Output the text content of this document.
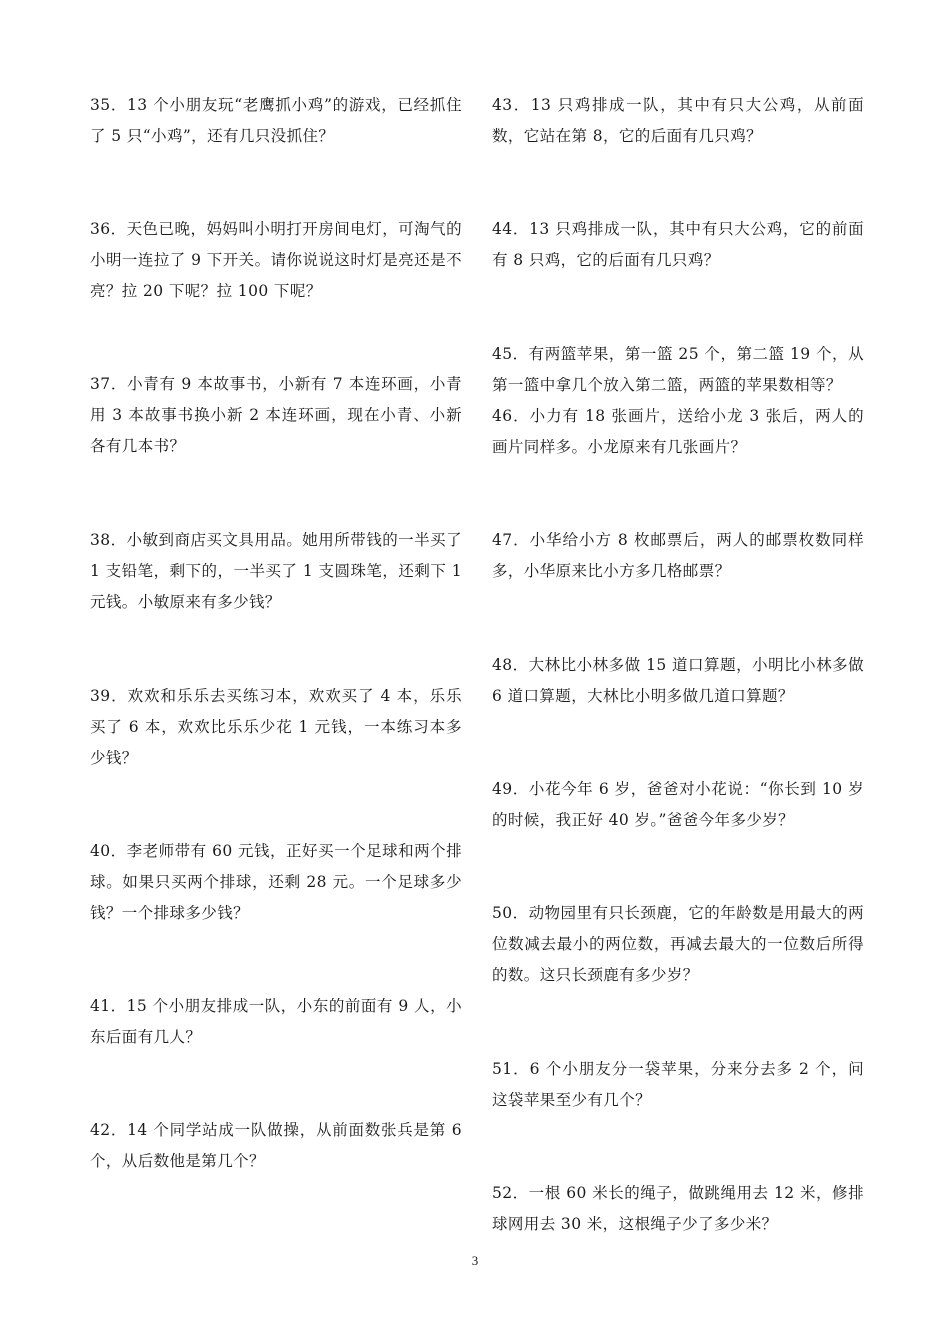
35．13 个小朋友玩“老鹰抓小鸡”的游戏，已经抓住了 5 只“小鸡”，还有几只没抓住？

36．天色已晚，妈妈叫小明打开房间电灯，可淘气的小明一连拉了 9 下开关。请你说说这时灯是亮还是不亮？拉 20 下呢？拉 100 下呢？

37．小青有 9 本故事书，小新有 7 本连环画，小青用 3 本故事书换小新 2 本连环画，现在小青、小新各有几本书？

38．小敏到商店买文具用品。她用所带钱的一半买了 1 支铅笔，剩下的，一半买了 1 支圆珠笔，还剩下 1 元钱。小敏原来有多少钱？

39．欢欢和乐乐去买练习本，欢欢买了 4 本，乐乐买了 6 本，欢欢比乐乐少花 1 元钱，一本练习本多少钱？

40．李老师带有 60 元钱，正好买一个足球和两个排球。如果只买两个排球，还剩 28 元。一个足球多少钱？一个排球多少钱？

41．15 个小朋友排成一队，小东的前面有 9 人，小东后面有几人？

42．14 个同学站成一队做操，从前面数张兵是第 6 个，从后数他是第几个？

43．13 只鸡排成一队，其中有只大公鸡，从前面数，它站在第 8，它的后面有几只鸡？

44．13 只鸡排成一队，其中有只大公鸡，它的前面有 8 只鸡，它的后面有几只鸡？

45．有两篮苹果，第一篮 25 个，第二篮 19 个，从第一篮中拿几个放入第二篮，两篮的苹果数相等？

46．小力有 18 张画片，送给小龙 3 张后，两人的画片同样多。小龙原来有几张画片？

47．小华给小方 8 枚邮票后，两人的邮票枚数同样多，小华原来比小方多几格邮票？

48．大林比小林多做 15 道口算题，小明比小林多做 6 道口算题，大林比小明多做几道口算题？

49．小花今年 6 岁，爸爸对小花说：“你长到 10 岁的时候，我正好 40 岁。”爸爸今年多少岁？

50．动物园里有只长颈鹿，它的年龄数是用最大的两位数减去最小的两位数，再减去最大的一位数后所得的数。这只长颈鹿有多少岁？

51．6 个小朋友分一袋苹果，分来分去多 2 个，问这袋苹果至少有几个？

52．一根 60 米长的绳子，做跳绳用去 12 米，修排球网用去 30 米，这根绳子少了多少米？

3
